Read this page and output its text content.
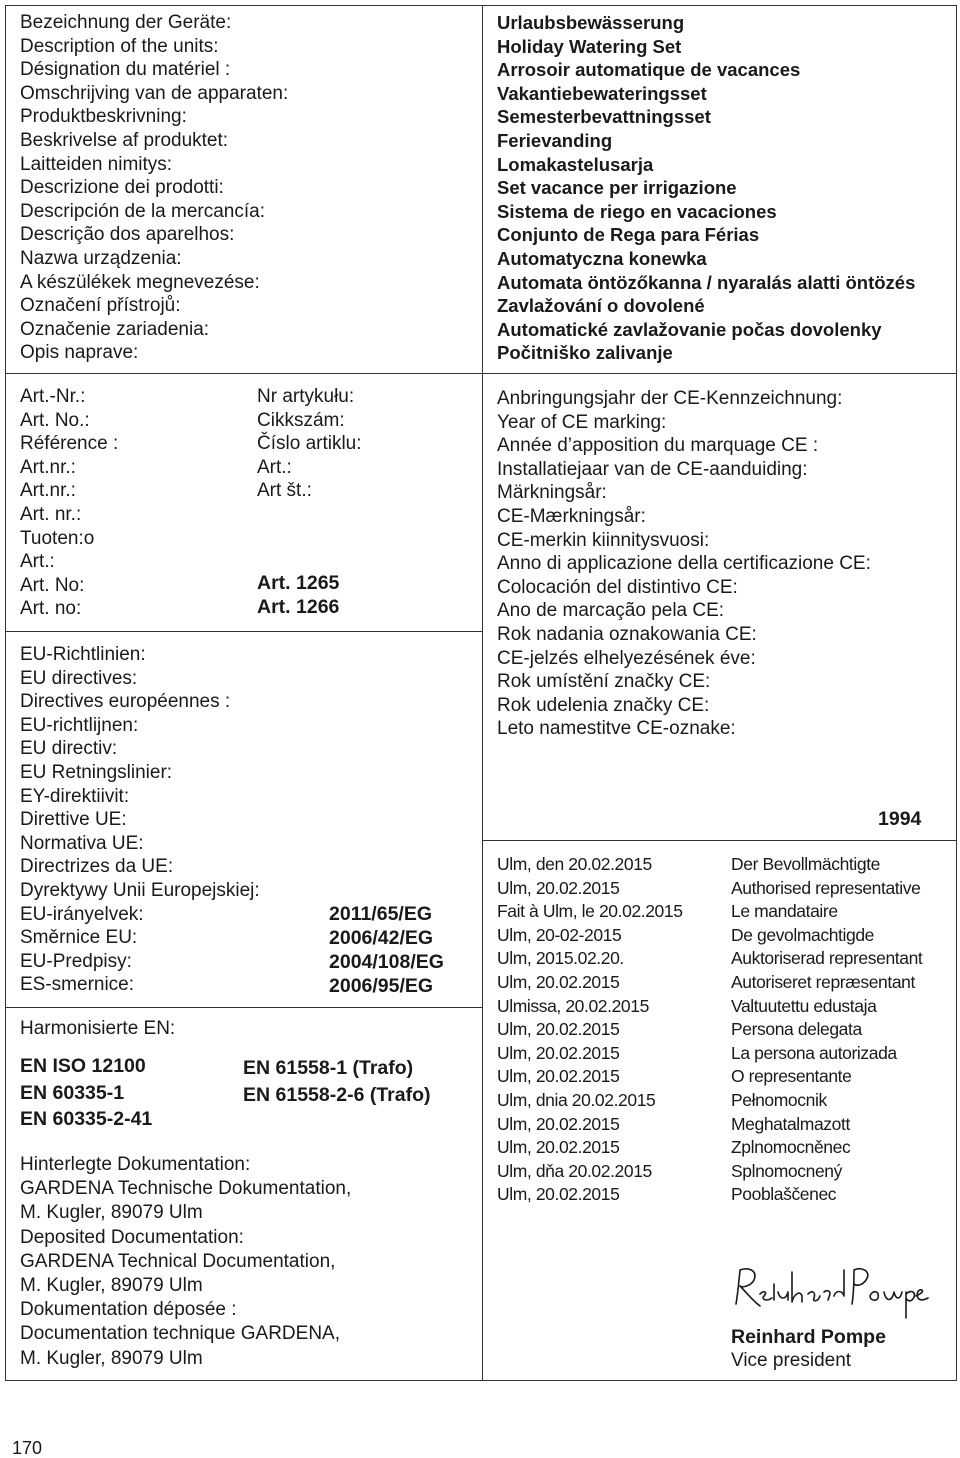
Bezeichnung der Geräte:
Description of the units:
Désignation du matériel :
Omschrijving van de apparaten:
Produktbeskrivning:
Beskrivelse af produktet:
Laitteiden nimitys:
Descrizione dei prodotti:
Descripción de la mercancía:
Descrição dos aparelhos:
Nazwa urządzenia:
A készülékek megnevezése:
Označení přístrojů:
Označenie zariadenia:
Opis naprave:
Urlaubsbewässerung
Holiday Watering Set
Arrosoir automatique de vacances
Vakantiebewateringsset
Semesterbevattningsset
Ferievanding
Lomakastelusarja
Set vacance per irrigazione
Sistema de riego en vacaciones
Conjunto de Rega para Férias
Automatyczna konewka
Automata öntözőkanna / nyaralás alatti öntözés
Zavlažování o dovolené
Automatické zavlažovanie počas dovolenky
Počitniško zalivanje
Art.-Nr.:
Art. No.:
Référence :
Art.nr.:
Art.nr.:
Art. nr.:
Tuoten:o
Art.:
Art. No:
Art. no:
Nr artykułu:
Cikkszám:
Číslo artiklu:
Art.:
Art št.:
Art. 1265
Art. 1266
Anbringungsjahr der CE-Kennzeichnung:
Year of CE marking:
Année d’apposition du marquage CE :
Installatiejaar van de CE-aanduiding:
Märkningsår:
CE-Mærkningsår:
CE-merkin kiinnitysvuosi:
Anno di applicazione della certificazione CE:
Colocación del distintivo CE:
Ano de marcação pela CE:
Rok nadania oznakowania CE:
CE-jelzés elhelyezésének éve:
Rok umístění značky CE:
Rok udelenia značky CE:
Leto namestitve CE-oznake:
1994
EU-Richtlinien:
EU directives:
Directives européennes :
EU-richtlijnen:
EU directiv:
EU Retningslinier:
EY-direktiivit:
Direttive UE:
Normativa UE:
Directrizes da UE:
Dyrektywy Unii Europejskiej:
EU-irányelvek:
Směrnice EU:
EU-Predpisy:
ES-smernice:
2011/65/EG
2006/42/EG
2004/108/EG
2006/95/EG
Harmonisierte EN:
EN ISO 12100
EN 60335-1
EN 60335-2-41
EN 61558-1 (Trafo)
EN 61558-2-6 (Trafo)
Hinterlegte Dokumentation:
GARDENA Technische Dokumentation,
M. Kugler, 89079 Ulm
Deposited Documentation:
GARDENA Technical Documentation,
M. Kugler, 89079 Ulm
Dokumentation déposée :
Documentation technique GARDENA,
M. Kugler, 89079 Ulm
Ulm, den 20.02.2015
Ulm, 20.02.2015
Fait à Ulm, le 20.02.2015
Ulm, 20-02-2015
Ulm, 2015.02.20.
Ulm, 20.02.2015
Ulmissa, 20.02.2015
Ulm, 20.02.2015
Ulm, 20.02.2015
Ulm, 20.02.2015
Ulm, dnia 20.02.2015
Ulm, 20.02.2015
Ulm, 20.02.2015
Ulm, dňa 20.02.2015
Ulm, 20.02.2015
Der Bevollmächtigte
Authorised representative
Le mandataire
De gevolmachtigde
Auktoriserad representant
Autoriseret repræsentant
Valtuutettu edustaja
Persona delegata
La persona autorizada
O representante
Pełnomocnik
Meghatalmazott
Zplnomocněnec
Splnomocnený
Pooblaščenec
Reinhard Pompe
Vice president
170
